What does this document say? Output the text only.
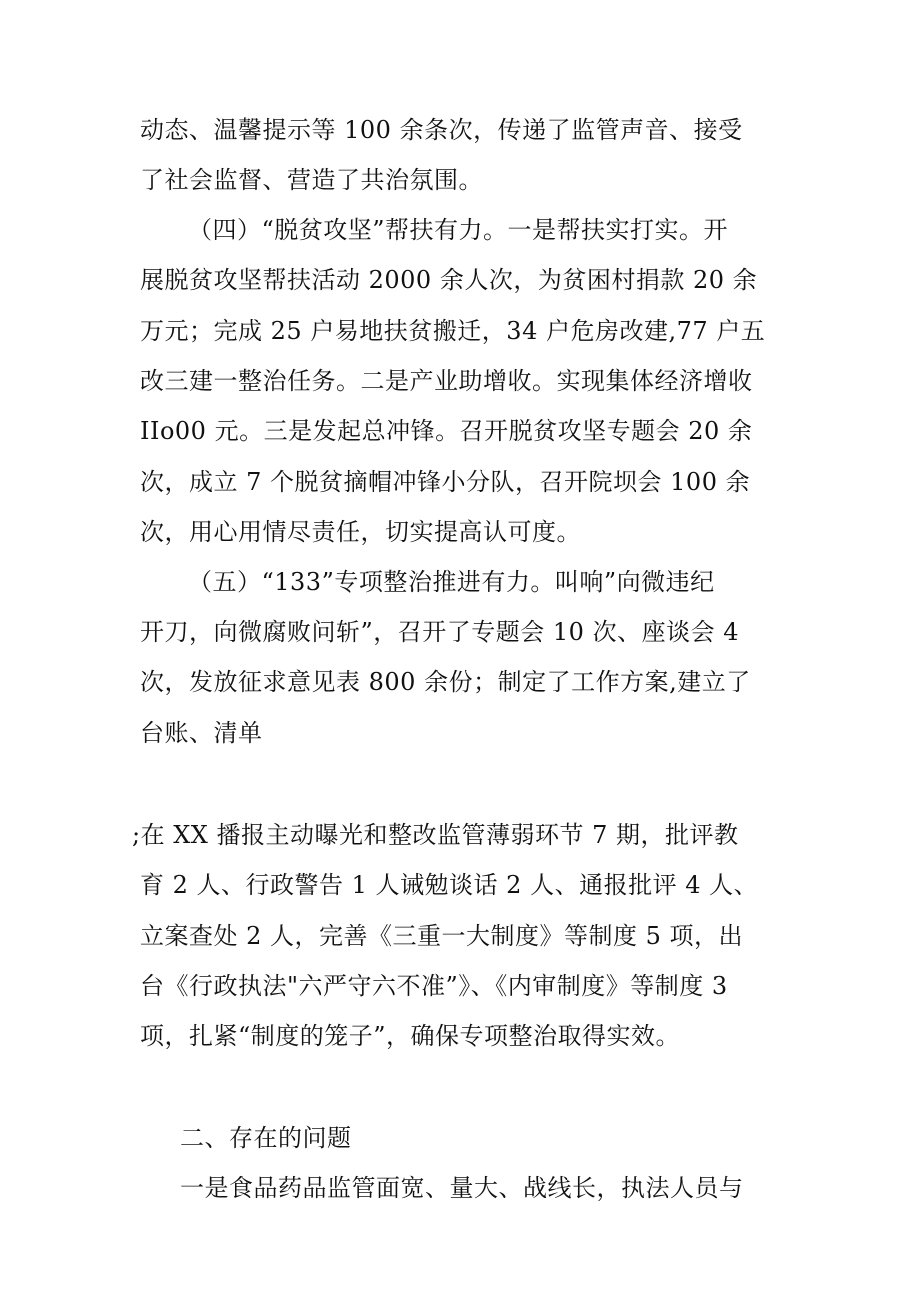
动态、温馨提示等 100 余条次，传递了监管声音、接受
了社会监督、营造了共治氛围。
（四）“脱贫攻坚”帮扶有力。一是帮扶实打实。开
展脱贫攻坚帮扶活动 2000 余人次，为贫困村捐款 20 余
万元；完成 25 户易地扶贫搬迁，34 户危房改建,77 户五
改三建一整治任务。二是产业助增收。实现集体经济增收
IIo00 元。三是发起总冲锋。召开脱贫攻坚专题会 20 余
次，成立 7 个脱贫摘帽冲锋小分队，召开院坝会 100 余
次，用心用情尽责任，切实提高认可度。
（五）“133”专项整治推进有力。叫响”向微违纪
开刀，向微腐败问斩”，召开了专题会 10 次、座谈会 4
次，发放征求意见表 800 余份；制定了工作方案,建立了
台账、清单
;在 XX 播报主动曝光和整改监管薄弱环节 7 期，批评教
育 2 人、行政警告 1 人诫勉谈话 2 人、通报批评 4 人、
立案查处 2 人，完善《三重一大制度》等制度 5 项，出
台《行政执法"六严守六不准”》、《内审制度》等制度 3
项，扎紧“制度的笼子”，确保专项整治取得实效。
二、存在的问题
一是食品药品监管面宽、量大、战线长，执法人员与
